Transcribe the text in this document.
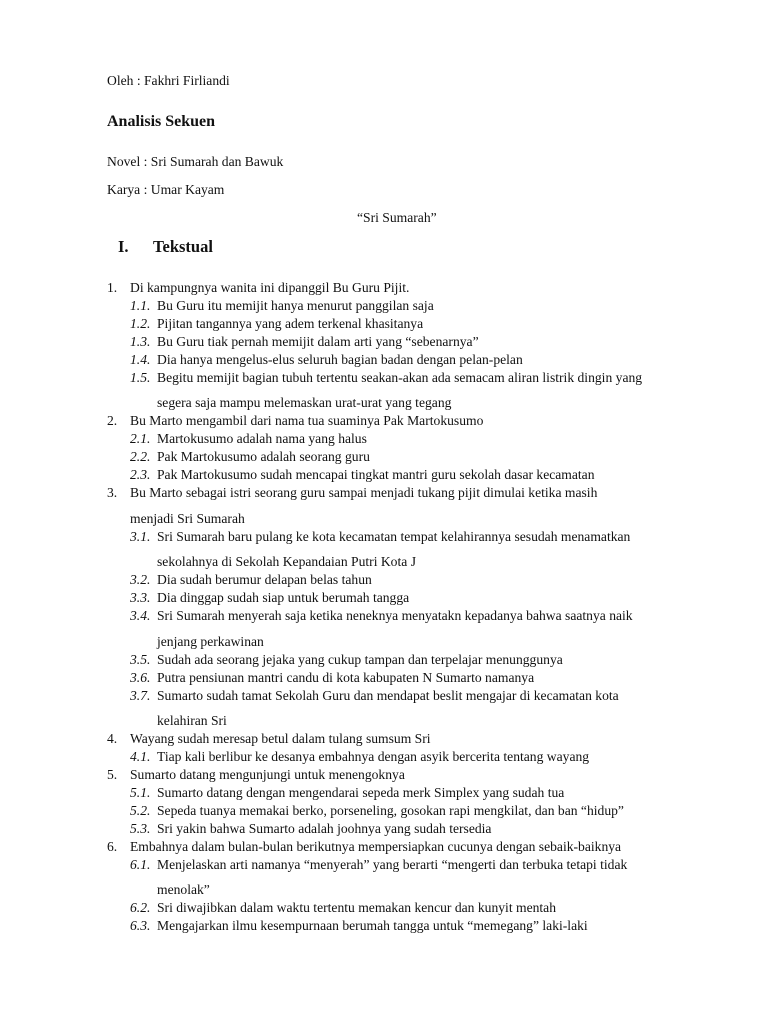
Oleh : Fakhri Firliandi
Analisis Sekuen
Novel : Sri Sumarah dan Bawuk
Karya : Umar Kayam
“Sri Sumarah”
I. Tekstual
1. Di kampungnya wanita ini dipanggil Bu Guru Pijit.
1.1. Bu Guru itu memijit hanya menurut panggilan saja
1.2. Pijitan tangannya yang adem terkenal khasitanya
1.3. Bu Guru tiak pernah memijit dalam arti yang “sebenarnya”
1.4. Dia hanya mengelus-elus seluruh bagian badan dengan pelan-pelan
1.5. Begitu memijit bagian tubuh tertentu seakan-akan ada semacam aliran listrik dingin yang
segera saja mampu melemaskan urat-urat yang tegang
2. Bu Marto mengambil dari nama tua suaminya Pak Martokusumo
2.1. Martokusumo adalah nama yang halus
2.2. Pak Martokusumo adalah seorang guru
2.3. Pak Martokusumo sudah mencapai tingkat mantri guru sekolah dasar kecamatan
3. Bu Marto sebagai istri seorang guru sampai menjadi tukang pijit dimulai ketika masih
menjadi Sri Sumarah
3.1. Sri Sumarah baru pulang ke kota kecamatan tempat kelahirannya sesudah menamatkan
sekolahnya di Sekolah Kepandaian Putri Kota J
3.2. Dia sudah berumur delapan belas tahun
3.3. Dia dinggap sudah siap untuk berumah tangga
3.4. Sri Sumarah menyerah saja ketika neneknya menyatakn kepadanya bahwa saatnya naik
jenjang perkawinan
3.5. Sudah ada seorang jejaka yang cukup tampan dan terpelajar menunggunya
3.6. Putra pensiunan mantri candu di kota kabupaten N Sumarto namanya
3.7. Sumarto sudah tamat Sekolah Guru dan mendapat beslit mengajar di kecamatan kota
kelahiran Sri
4. Wayang sudah meresap betul dalam tulang sumsum Sri
4.1. Tiap kali berlibur ke desanya embahnya dengan asyik bercerita tentang wayang
5. Sumarto datang mengunjungi untuk menengoknya
5.1. Sumarto datang dengan mengendarai sepeda merk Simplex yang sudah tua
5.2. Sepeda tuanya memakai berko, porseneling, gosokan rapi mengkilat, dan ban “hidup”
5.3. Sri yakin bahwa Sumarto adalah joohnya yang sudah tersedia
6. Embahnya dalam bulan-bulan berikutnya mempersiapkan cucunya dengan sebaik-baiknya
6.1. Menjelaskan arti namanya “menyerah” yang berarti “mengerti dan terbuka tetapi tidak
menolak”
6.2. Sri diwajibkan dalam waktu tertentu memakan kencur dan kunyit mentah
6.3. Mengajarkan ilmu kesempurnaan berumah tangga untuk “memegang” laki-laki
